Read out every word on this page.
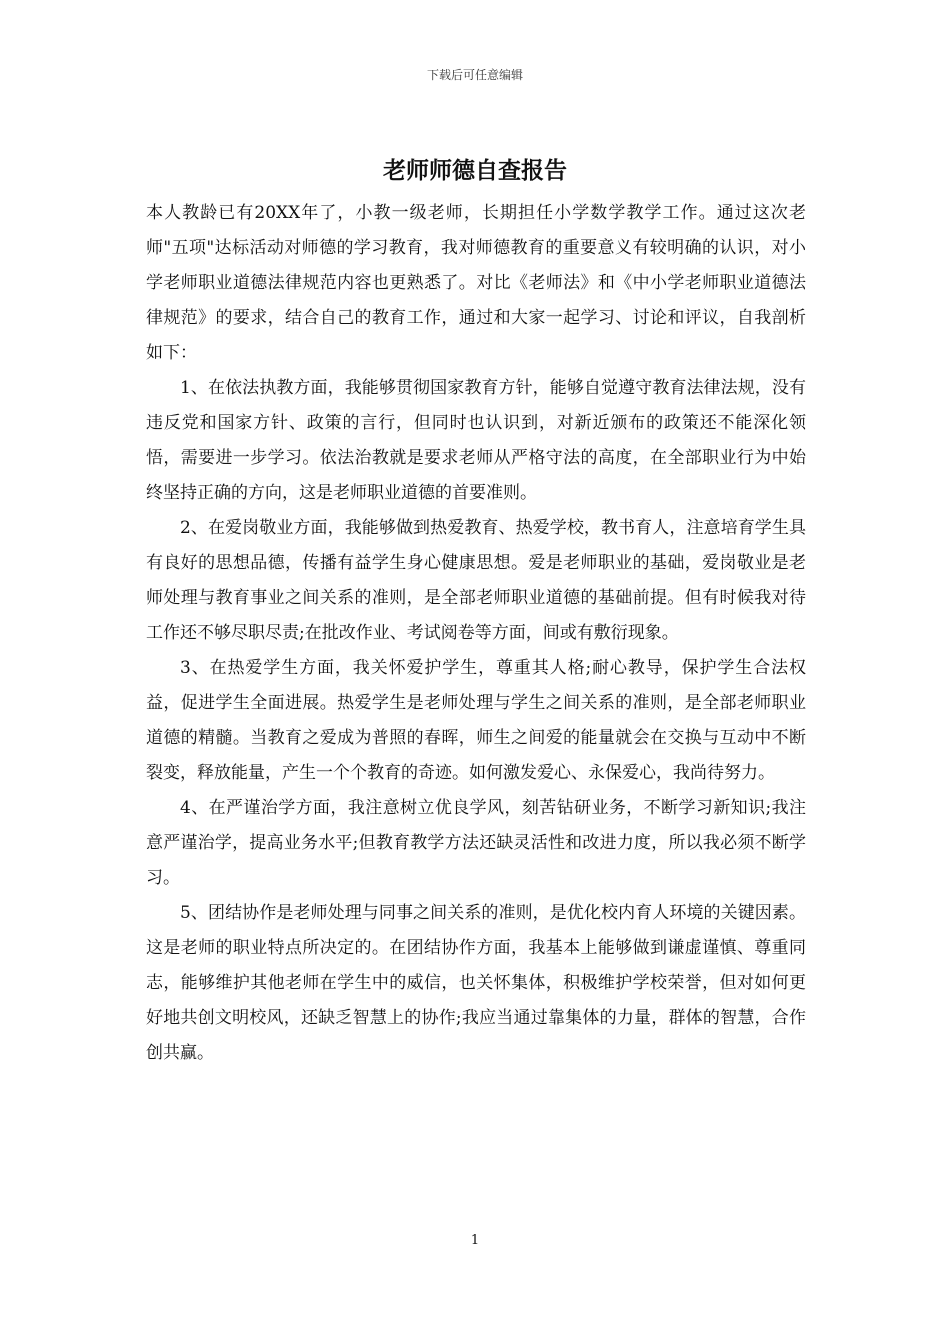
下载后可任意编辑
老师师德自查报告

本人教龄已有20XX年了，小教一级老师，长期担任小学数学教学工作。通过这次老师"五项"达标活动对师德的学习教育，我对师德教育的重要意义有较明确的认识，对小学老师职业道德法律规范内容也更熟悉了。对比《老师法》和《中小学老师职业道德法律规范》的要求，结合自己的教育工作，通过和大家一起学习、讨论和评议，自我剖析如下：

1、在依法执教方面，我能够贯彻国家教育方针，能够自觉遵守教育法律法规，没有违反党和国家方针、政策的言行，但同时也认识到，对新近颁布的政策还不能深化领悟，需要进一步学习。依法治教就是要求老师从严格守法的高度，在全部职业行为中始终坚持正确的方向，这是老师职业道德的首要准则。

2、在爱岗敬业方面，我能够做到热爱教育、热爱学校，教书育人，注意培育学生具有良好的思想品德，传播有益学生身心健康思想。爱是老师职业的基础，爱岗敬业是老师处理与教育事业之间关系的准则，是全部老师职业道德的基础前提。但有时候我对待工作还不够尽职尽责;在批改作业、考试阅卷等方面，间或有敷衍现象。

3、在热爱学生方面，我关怀爱护学生，尊重其人格;耐心教导，保护学生合法权益，促进学生全面进展。热爱学生是老师处理与学生之间关系的准则，是全部老师职业道德的精髓。当教育之爱成为普照的春晖，师生之间爱的能量就会在交换与互动中不断裂变，释放能量，产生一个个教育的奇迹。如何激发爱心、永保爱心，我尚待努力。

4、在严谨治学方面，我注意树立优良学风，刻苦钻研业务，不断学习新知识;我注意严谨治学，提高业务水平;但教育教学方法还缺灵活性和改进力度，所以我必须不断学习。

5、团结协作是老师处理与同事之间关系的准则，是优化校内育人环境的关键因素。这是老师的职业特点所决定的。在团结协作方面，我基本上能够做到谦虚谨慎、尊重同志，能够维护其他老师在学生中的威信，也关怀集体，积极维护学校荣誉，但对如何更好地共创文明校风，还缺乏智慧上的协作;我应当通过靠集体的力量，群体的智慧，合作创共赢。

1
